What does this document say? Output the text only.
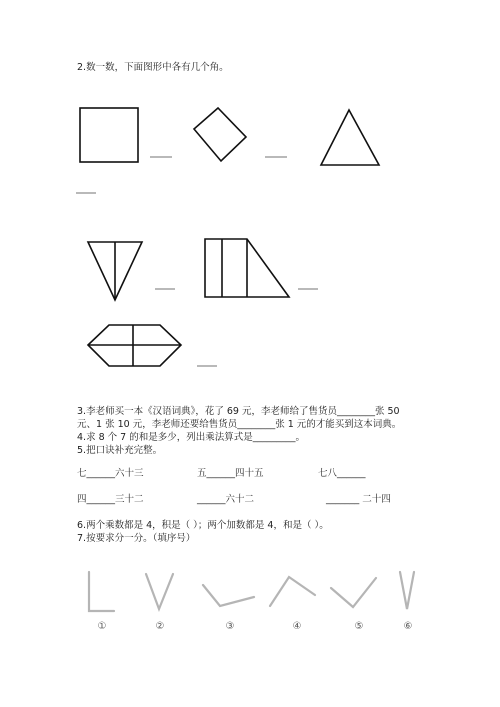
2.数一数，下面图形中各有几个角。
3.李老师买一本《汉语词典》，花了 69 元，李老师给了售货员________张 50
元、1 张 10 元，李老师还要给售货员________张 1 元的才能买到这本词典。
4.求 8 个 7 的和是多少，列出乘法算式是_________。
5.把口诀补充完整。
七______六十三	五______四十五	七八______
四______三十二	______六十二	_______ 二十四
6.两个乘数都是 4，积是（ ）；两个加数都是 4，和是（ ）。
7.按要求分一分。（填序号）
①	②	③	④	⑤	⑥
